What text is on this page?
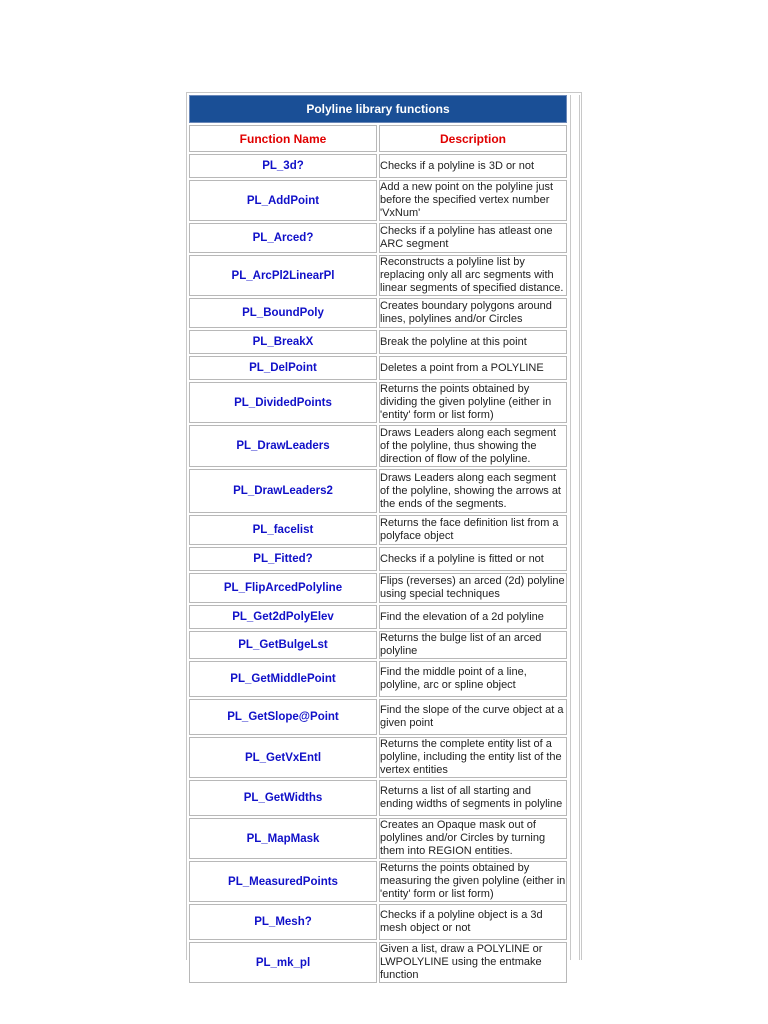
Polyline library functions	
Function Name	Description
PL_3d?	Checks if a polyline is 3D or not
PL_AddPoint	Add a new point on the polyline just before the specified vertex number 'VxNum'
PL_Arced?	Checks if a polyline has atleast one ARC segment
PL_ArcPl2LinearPl	Reconstructs a polyline list by replacing only all arc segments with linear segments of specified distance.
PL_BoundPoly	Creates boundary polygons around lines, polylines and/or Circles
PL_BreakX	Break the polyline at this point
PL_DelPoint	Deletes a point from a POLYLINE
PL_DividedPoints	Returns the points obtained by dividing the given polyline (either in 'entity' form or list form)
PL_DrawLeaders	Draws Leaders along each segment of the polyline, thus showing the direction of flow of the polyline.
PL_DrawLeaders2	Draws Leaders along each segment of the polyline, showing the arrows at the ends of the segments.
PL_facelist	Returns the face definition list from a polyface object
PL_Fitted?	Checks if a polyline is fitted or not
PL_FlipArcedPolyline	Flips (reverses) an arced (2d) polyline using special techniques
PL_Get2dPolyElev	Find the elevation of a 2d polyline
PL_GetBulgeLst	Returns the bulge list of an arced polyline
PL_GetMiddlePoint	Find the middle point of a line, polyline, arc or spline object
PL_GetSlope@Point	Find the slope of the curve object at a given point
PL_GetVxEntl	Returns the complete entity list of a polyline, including the entity list of the vertex entities
PL_GetWidths	Returns a list of all starting and ending widths of segments in polyline
PL_MapMask	Creates an Opaque mask out of polylines and/or Circles by turning them into REGION entities.
PL_MeasuredPoints	Returns the points obtained by measuring the given polyline (either in 'entity' form or list form)
PL_Mesh?	Checks if a polyline object is a 3d mesh object or not
PL_mk_pl	Given a list, draw a POLYLINE or LWPOLYLINE using the entmake function
